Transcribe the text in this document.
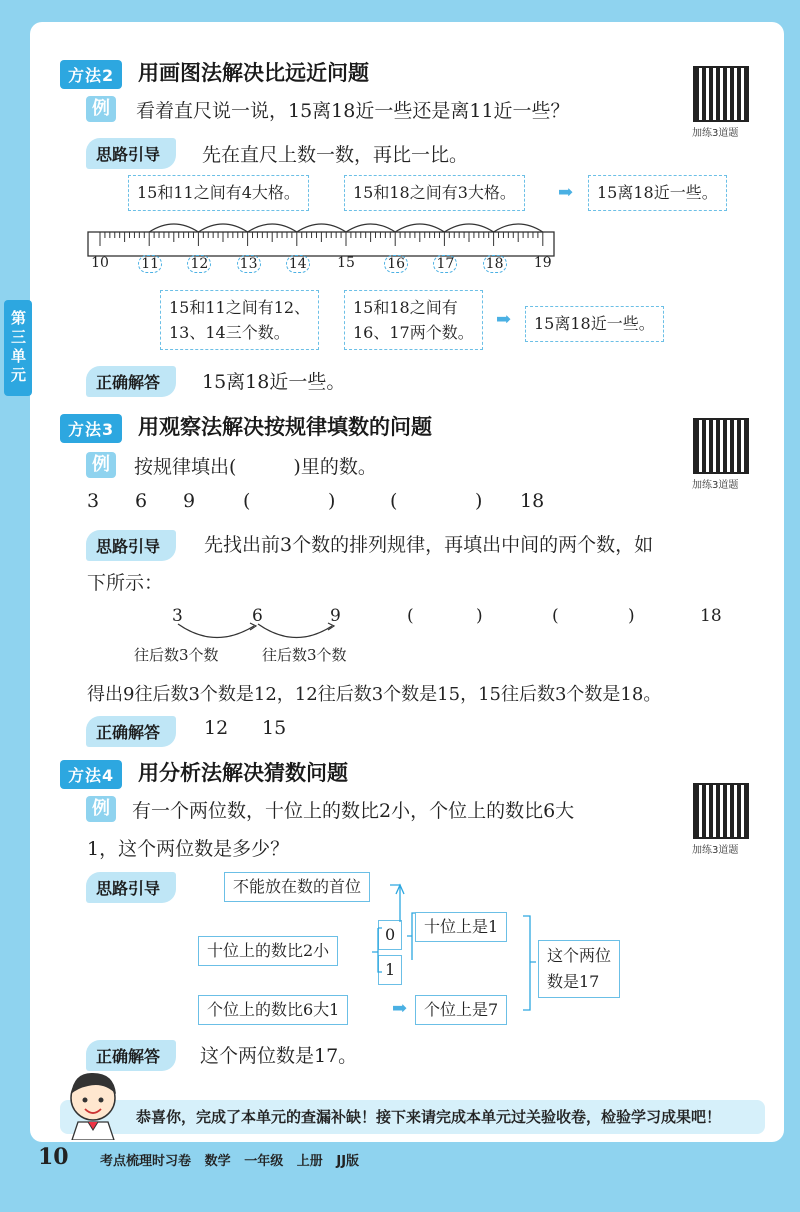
第三单元
方法2	用画图法解决比远近问题
加练3道题
例	看着直尺说一说，15离18近一些还是离11近一些？
思路引导	先在直尺上数一数，再比一比。
15和11之间有4大格。	15和18之间有3大格。	➡	15离18近一些。
10 11 12 13 14 15 16 17 18 19
15和11之间有12、
13、14三个数。
15和18之间有
16、17两个数。
➡	15离18近一些。
正确解答	15离18近一些。
方法3	用观察法解决按规律填数的问题
加练3道题
例	按规律填出(　　　)里的数。
3 6 9	(
　	)	(
　	) 18
思路引导	先找出前3个数的排列规律，再填出中间的两个数，如
下所示：
3	6	9	(	)	(	)	18
往后数3个数	往后数3个数
得出9往后数3个数是12，12往后数3个数是15，15往后数3个数是18。
正确解答	12 15
方法4	用分析法解决猜数问题
加练3道题
例	有一个两位数，十位上的数比2小，个位上的数比6大
1，这个两位数是多少？
思路引导	不能放在数的首位
十位上的数比2小
0
1
十位上是1
这个两位
数是17
个位上的数比6大1	➡	个位上是7
正确解答	这个两位数是17。
恭喜你，完成了本单元的查漏补缺！接下来请完成本单元过关验收卷，检验学习成果吧！
10 考点梳理时习卷 数学 一年级 上册 JJ版
